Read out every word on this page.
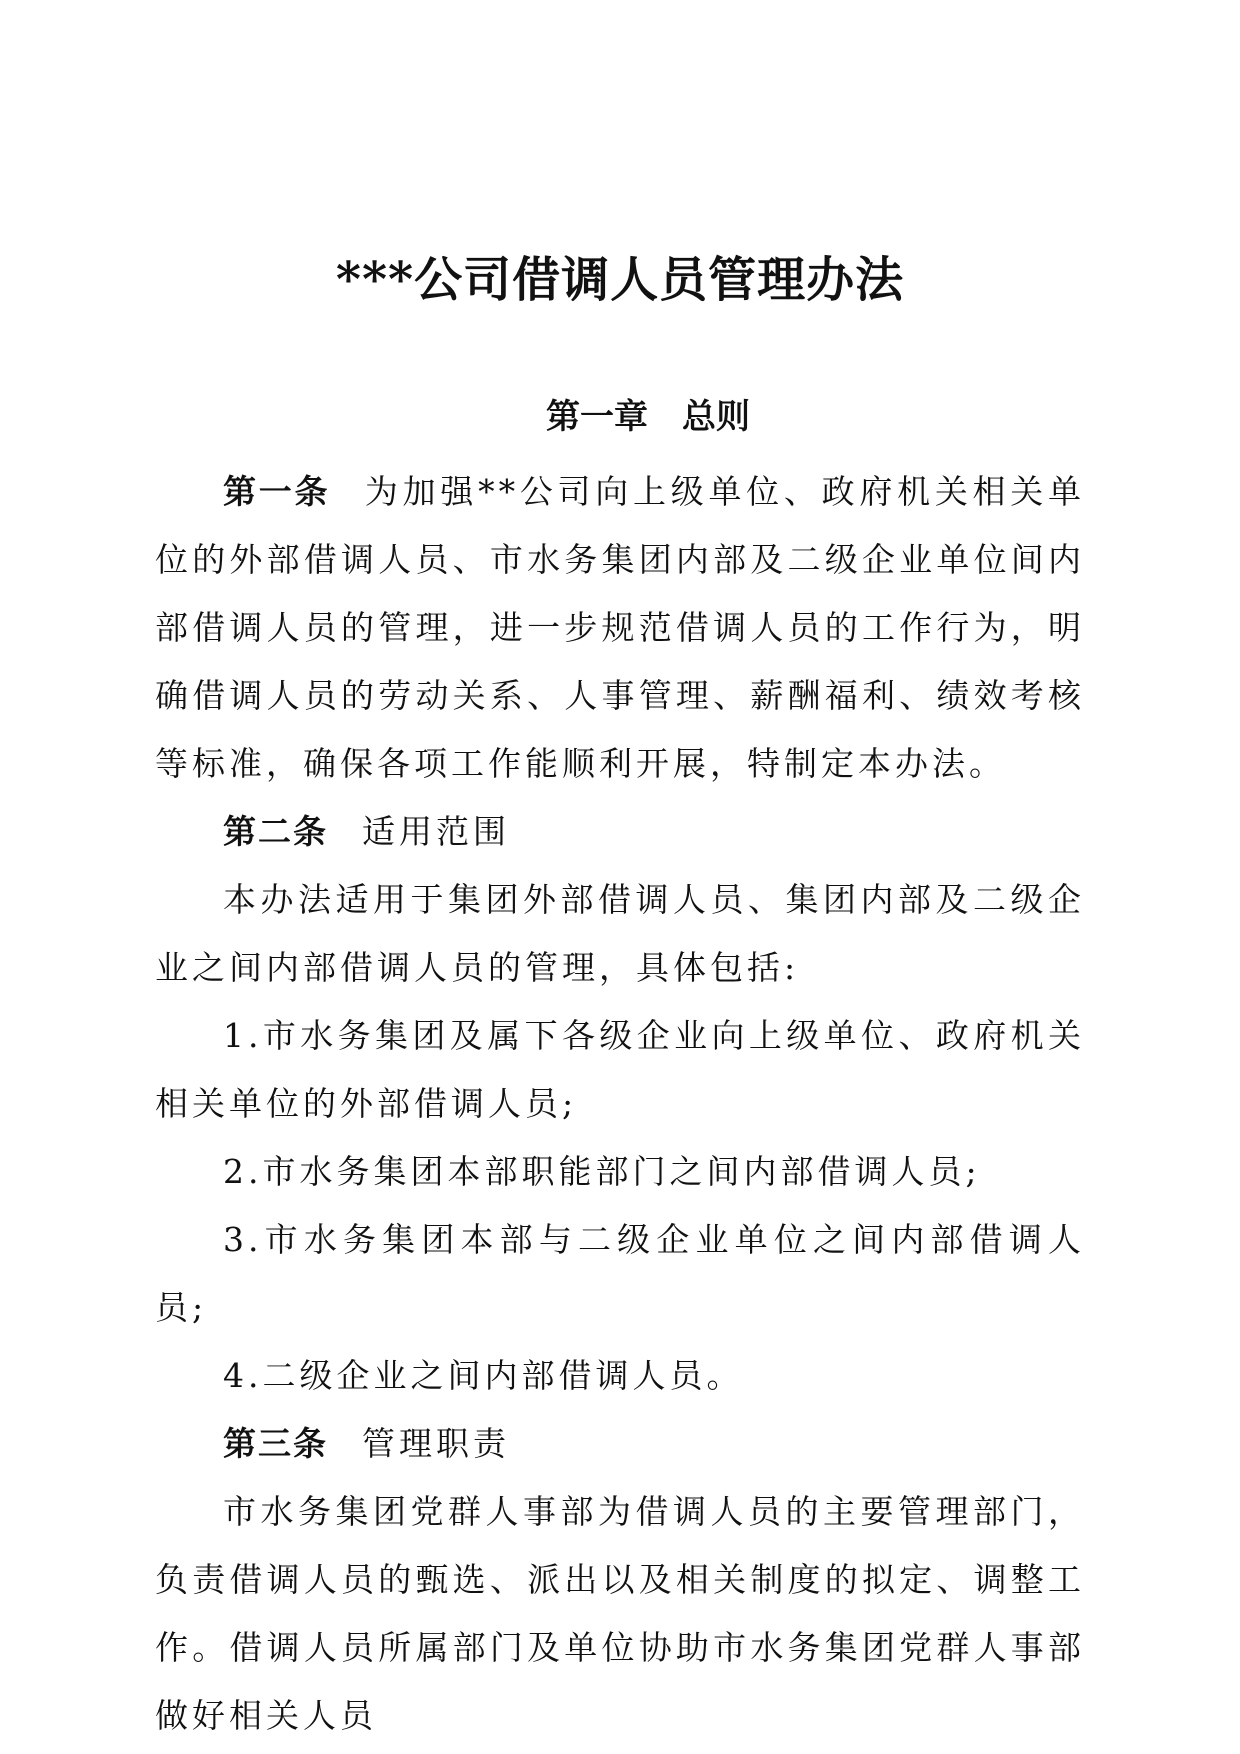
***公司借调人员管理办法
第一章 总则

第一条 为加强**公司向上级单位、政府机关相关单位的外部借调人员、市水务集团内部及二级企业单位间内部借调人员的管理，进一步规范借调人员的工作行为，明确借调人员的劳动关系、人事管理、薪酬福利、绩效考核等标准，确保各项工作能顺利开展，特制定本办法。

第二条 适用范围

本办法适用于集团外部借调人员、集团内部及二级企业之间内部借调人员的管理，具体包括:

1.市水务集团及属下各级企业向上级单位、政府机关相关单位的外部借调人员;

2.市水务集团本部职能部门之间内部借调人员;

3.市水务集团本部与二级企业单位之间内部借调人员;

4.二级企业之间内部借调人员。

第三条 管理职责

市水务集团党群人事部为借调人员的主要管理部门，负责借调人员的甄选、派出以及相关制度的拟定、调整工作。借调人员所属部门及单位协助市水务集团党群人事部做好相关人员
